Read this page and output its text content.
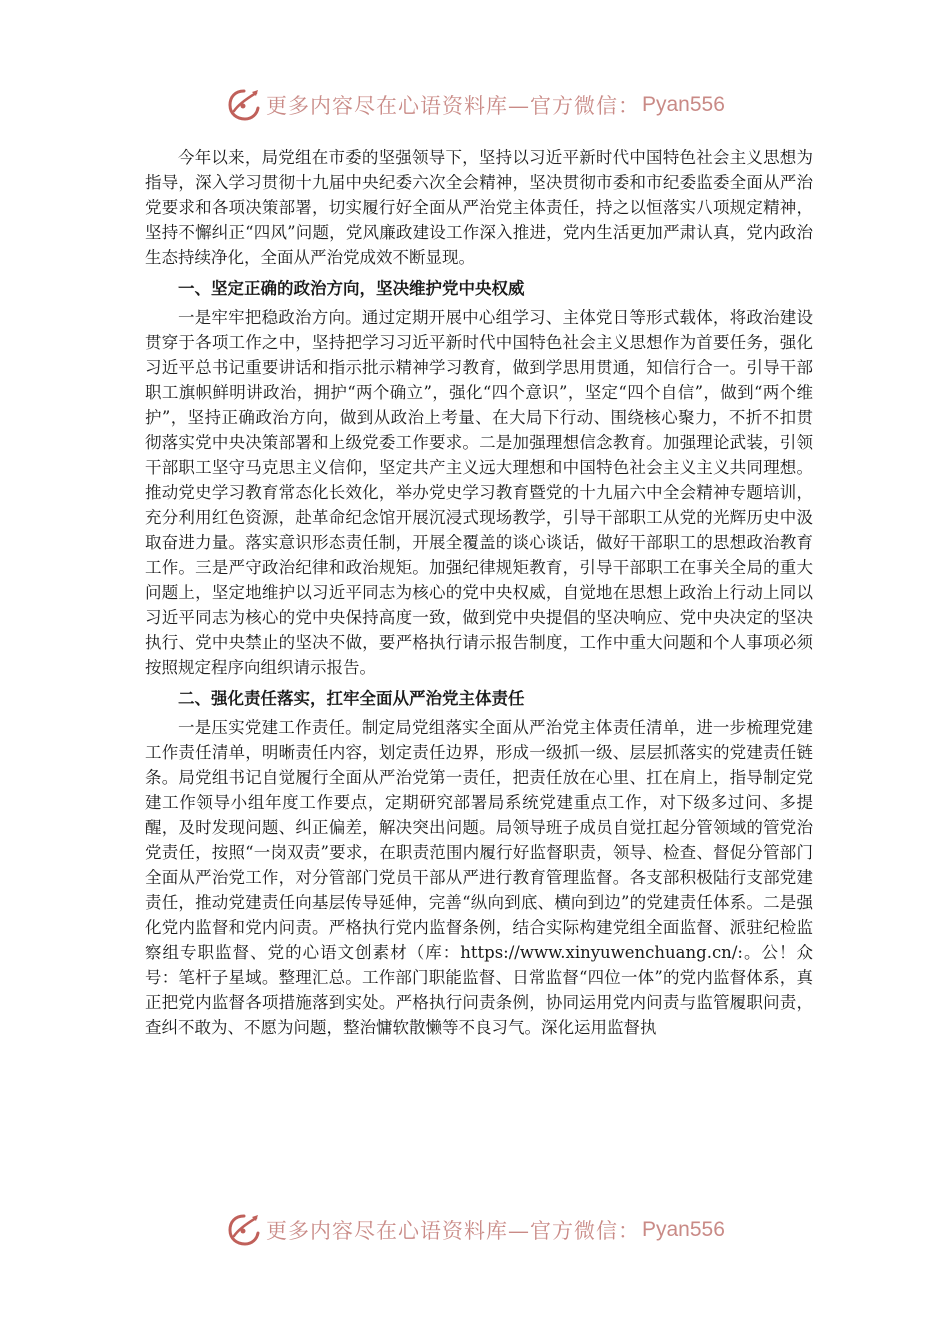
更多内容尽在心语资料库—官方微信： Pyan556

今年以来，局党组在市委的坚强领导下，坚持以习近平新时代中国特色社会主义思想为指导，深入学习贯彻十九届中央纪委六次全会精神，坚决贯彻市委和市纪委监委全面从严治党要求和各项决策部署，切实履行好全面从严治党主体责任，持之以恒落实八项规定精神，坚持不懈纠正“四风”问题，党风廉政建设工作深入推进，党内生活更加严肃认真，党内政治生态持续净化，全面从严治党成效不断显现。

一、坚定正确的政治方向，坚决维护党中央权威

一是牢牢把稳政治方向。通过定期开展中心组学习、主体党日等形式载体，将政治建设贯穿于各项工作之中，坚持把学习习近平新时代中国特色社会主义思想作为首要任务，强化习近平总书记重要讲话和指示批示精神学习教育，做到学思用贯通，知信行合一。引导干部职工旗帜鲜明讲政治，拥护“两个确立”，强化“四个意识”，坚定“四个自信”，做到“两个维护”，坚持正确政治方向，做到从政治上考量、在大局下行动、围绕核心聚力，不折不扣贯彻落实党中央决策部署和上级党委工作要求。二是加强理想信念教育。加强理论武装，引领干部职工坚守马克思主义信仰，坚定共产主义远大理想和中国特色社会主义主义共同理想。推动党史学习教育常态化长效化，举办党史学习教育暨党的十九届六中全会精神专题培训，充分利用红色资源，赴革命纪念馆开展沉浸式现场教学，引导干部职工从党的光辉历史中汲取奋进力量。落实意识形态责任制，开展全覆盖的谈心谈话，做好干部职工的思想政治教育工作。三是严守政治纪律和政治规矩。加强纪律规矩教育，引导干部职工在事关全局的重大问题上，坚定地维护以习近平同志为核心的党中央权威，自觉地在思想上政治上行动上同以习近平同志为核心的党中央保持高度一致，做到党中央提倡的坚决响应、党中央决定的坚决执行、党中央禁止的坚决不做，要严格执行请示报告制度，工作中重大问题和个人事项必须按照规定程序向组织请示报告。

二、强化责任落实，扛牢全面从严治党主体责任

一是压实党建工作责任。制定局党组落实全面从严治党主体责任清单，进一步梳理党建工作责任清单，明晰责任内容，划定责任边界，形成一级抓一级、层层抓落实的党建责任链条。局党组书记自觉履行全面从严治党第一责任，把责任放在心里、扛在肩上，指导制定党建工作领导小组年度工作要点，定期研究部署局系统党建重点工作，对下级多过问、多提醒，及时发现问题、纠正偏差，解决突出问题。局领导班子成员自觉扛起分管领域的管党治党责任，按照“一岗双责”要求，在职责范围内履行好监督职责，领导、检查、督促分管部门全面从严治党工作，对分管部门党员干部从严进行教育管理监督。各支部积极陆行支部党建责任，推动党建责任向基层传导延伸，完善“纵向到底、横向到边”的党建责任体系。二是强化党内监督和党内问责。严格执行党内监督条例，结合实际构建党组全面监督、派驻纪检监察组专职监督、党的心语文创素材（库：https://www.xinyuwenchuang.cn/:。公！众号：笔杆子星域。整理汇总。工作部门职能监督、日常监督“四位一体”的党内监督体系，真正把党内监督各项措施落到实处。严格执行问责条例，协同运用党内问责与监管履职问责，查纠不敢为、不愿为问题，整治慵软散懒等不良习气。深化运用监督执

更多内容尽在心语资料库—官方微信： Pyan556
